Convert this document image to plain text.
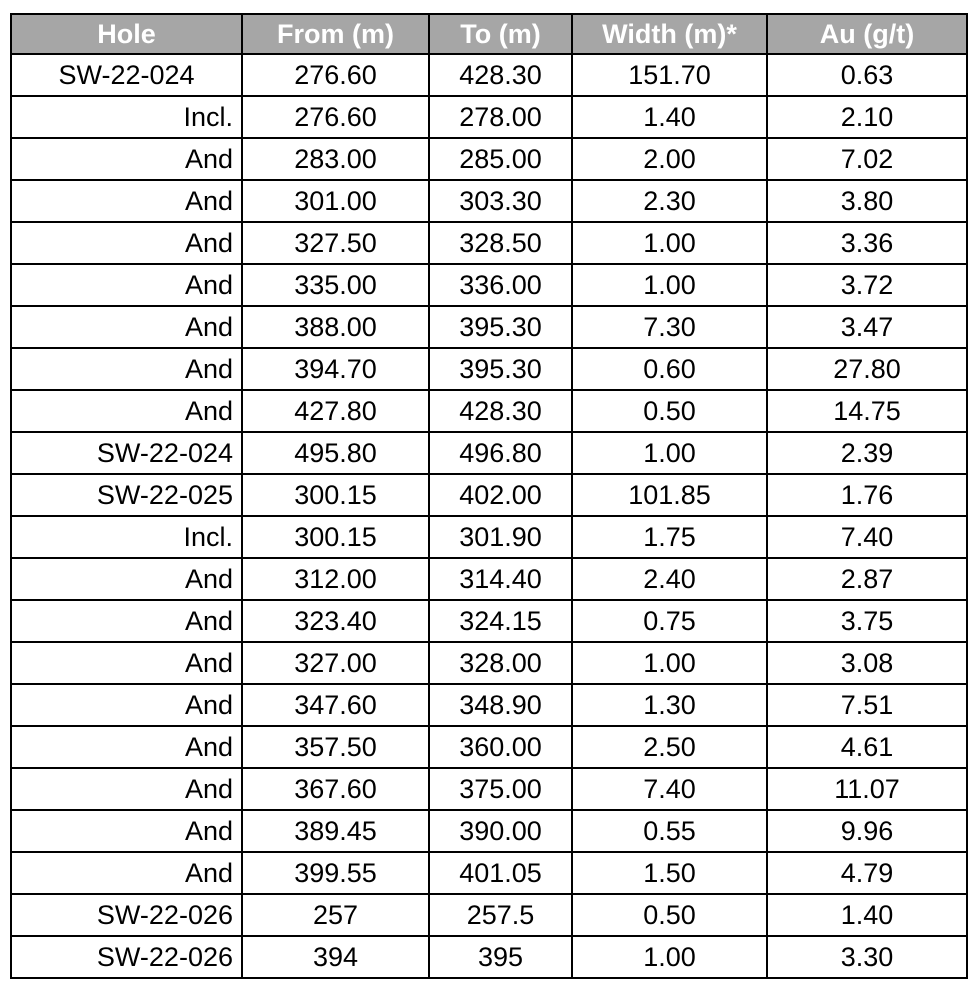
Hole	From (m)	To (m)	Width (m)*	Au (g/t)
SW-22-024	276.60	428.30	151.70	0.63
Incl.	276.60	278.00	1.40	2.10
And	283.00	285.00	2.00	7.02
And	301.00	303.30	2.30	3.80
And	327.50	328.50	1.00	3.36
And	335.00	336.00	1.00	3.72
And	388.00	395.30	7.30	3.47
And	394.70	395.30	0.60	27.80
And	427.80	428.30	0.50	14.75
SW-22-024	495.80	496.80	1.00	2.39
SW-22-025	300.15	402.00	101.85	1.76
Incl.	300.15	301.90	1.75	7.40
And	312.00	314.40	2.40	2.87
And	323.40	324.15	0.75	3.75
And	327.00	328.00	1.00	3.08
And	347.60	348.90	1.30	7.51
And	357.50	360.00	2.50	4.61
And	367.60	375.00	7.40	11.07
And	389.45	390.00	0.55	9.96
And	399.55	401.05	1.50	4.79
SW-22-026	257	257.5	0.50	1.40
SW-22-026	394	395	1.00	3.30
